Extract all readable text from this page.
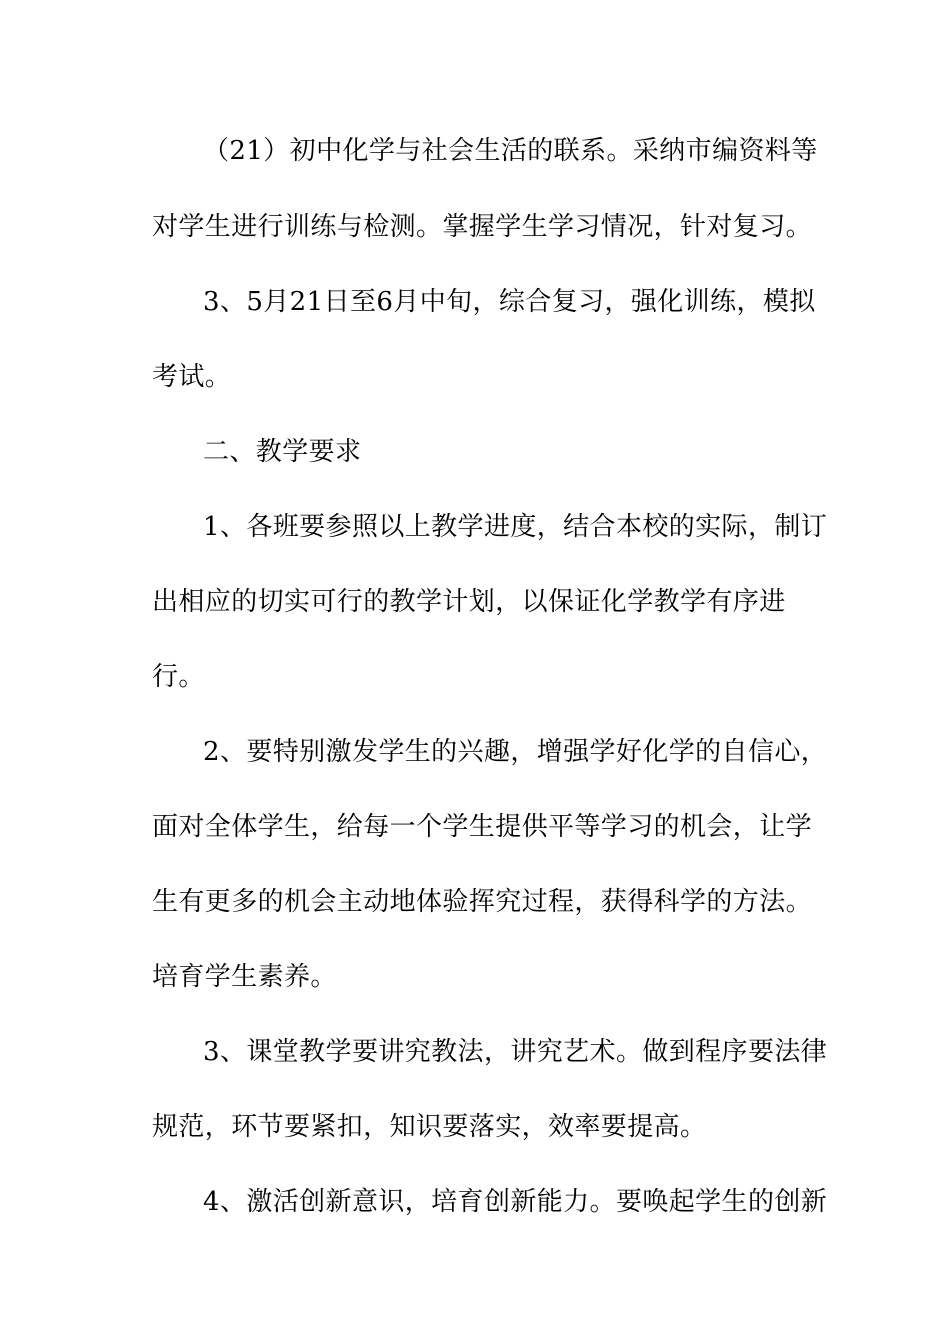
（21）初中化学与社会生活的联系。采纳市编资料等
对学生进行训练与检测。掌握学生学习情况，针对复习。
3、5月21日至6月中旬，综合复习，强化训练，模拟
考试。
二、教学要求
1、各班要参照以上教学进度，结合本校的实际，制订
出相应的切实可行的教学计划，以保证化学教学有序进
行。
2、要特别激发学生的兴趣，增强学好化学的自信心，
面对全体学生，给每一个学生提供平等学习的机会，让学
生有更多的机会主动地体验挥究过程，获得科学的方法。
培育学生素养。
3、课堂教学要讲究教法，讲究艺术。做到程序要法律
规范，环节要紧扣，知识要落实，效率要提高。
4、激活创新意识，培育创新能力。要唤起学生的创新
